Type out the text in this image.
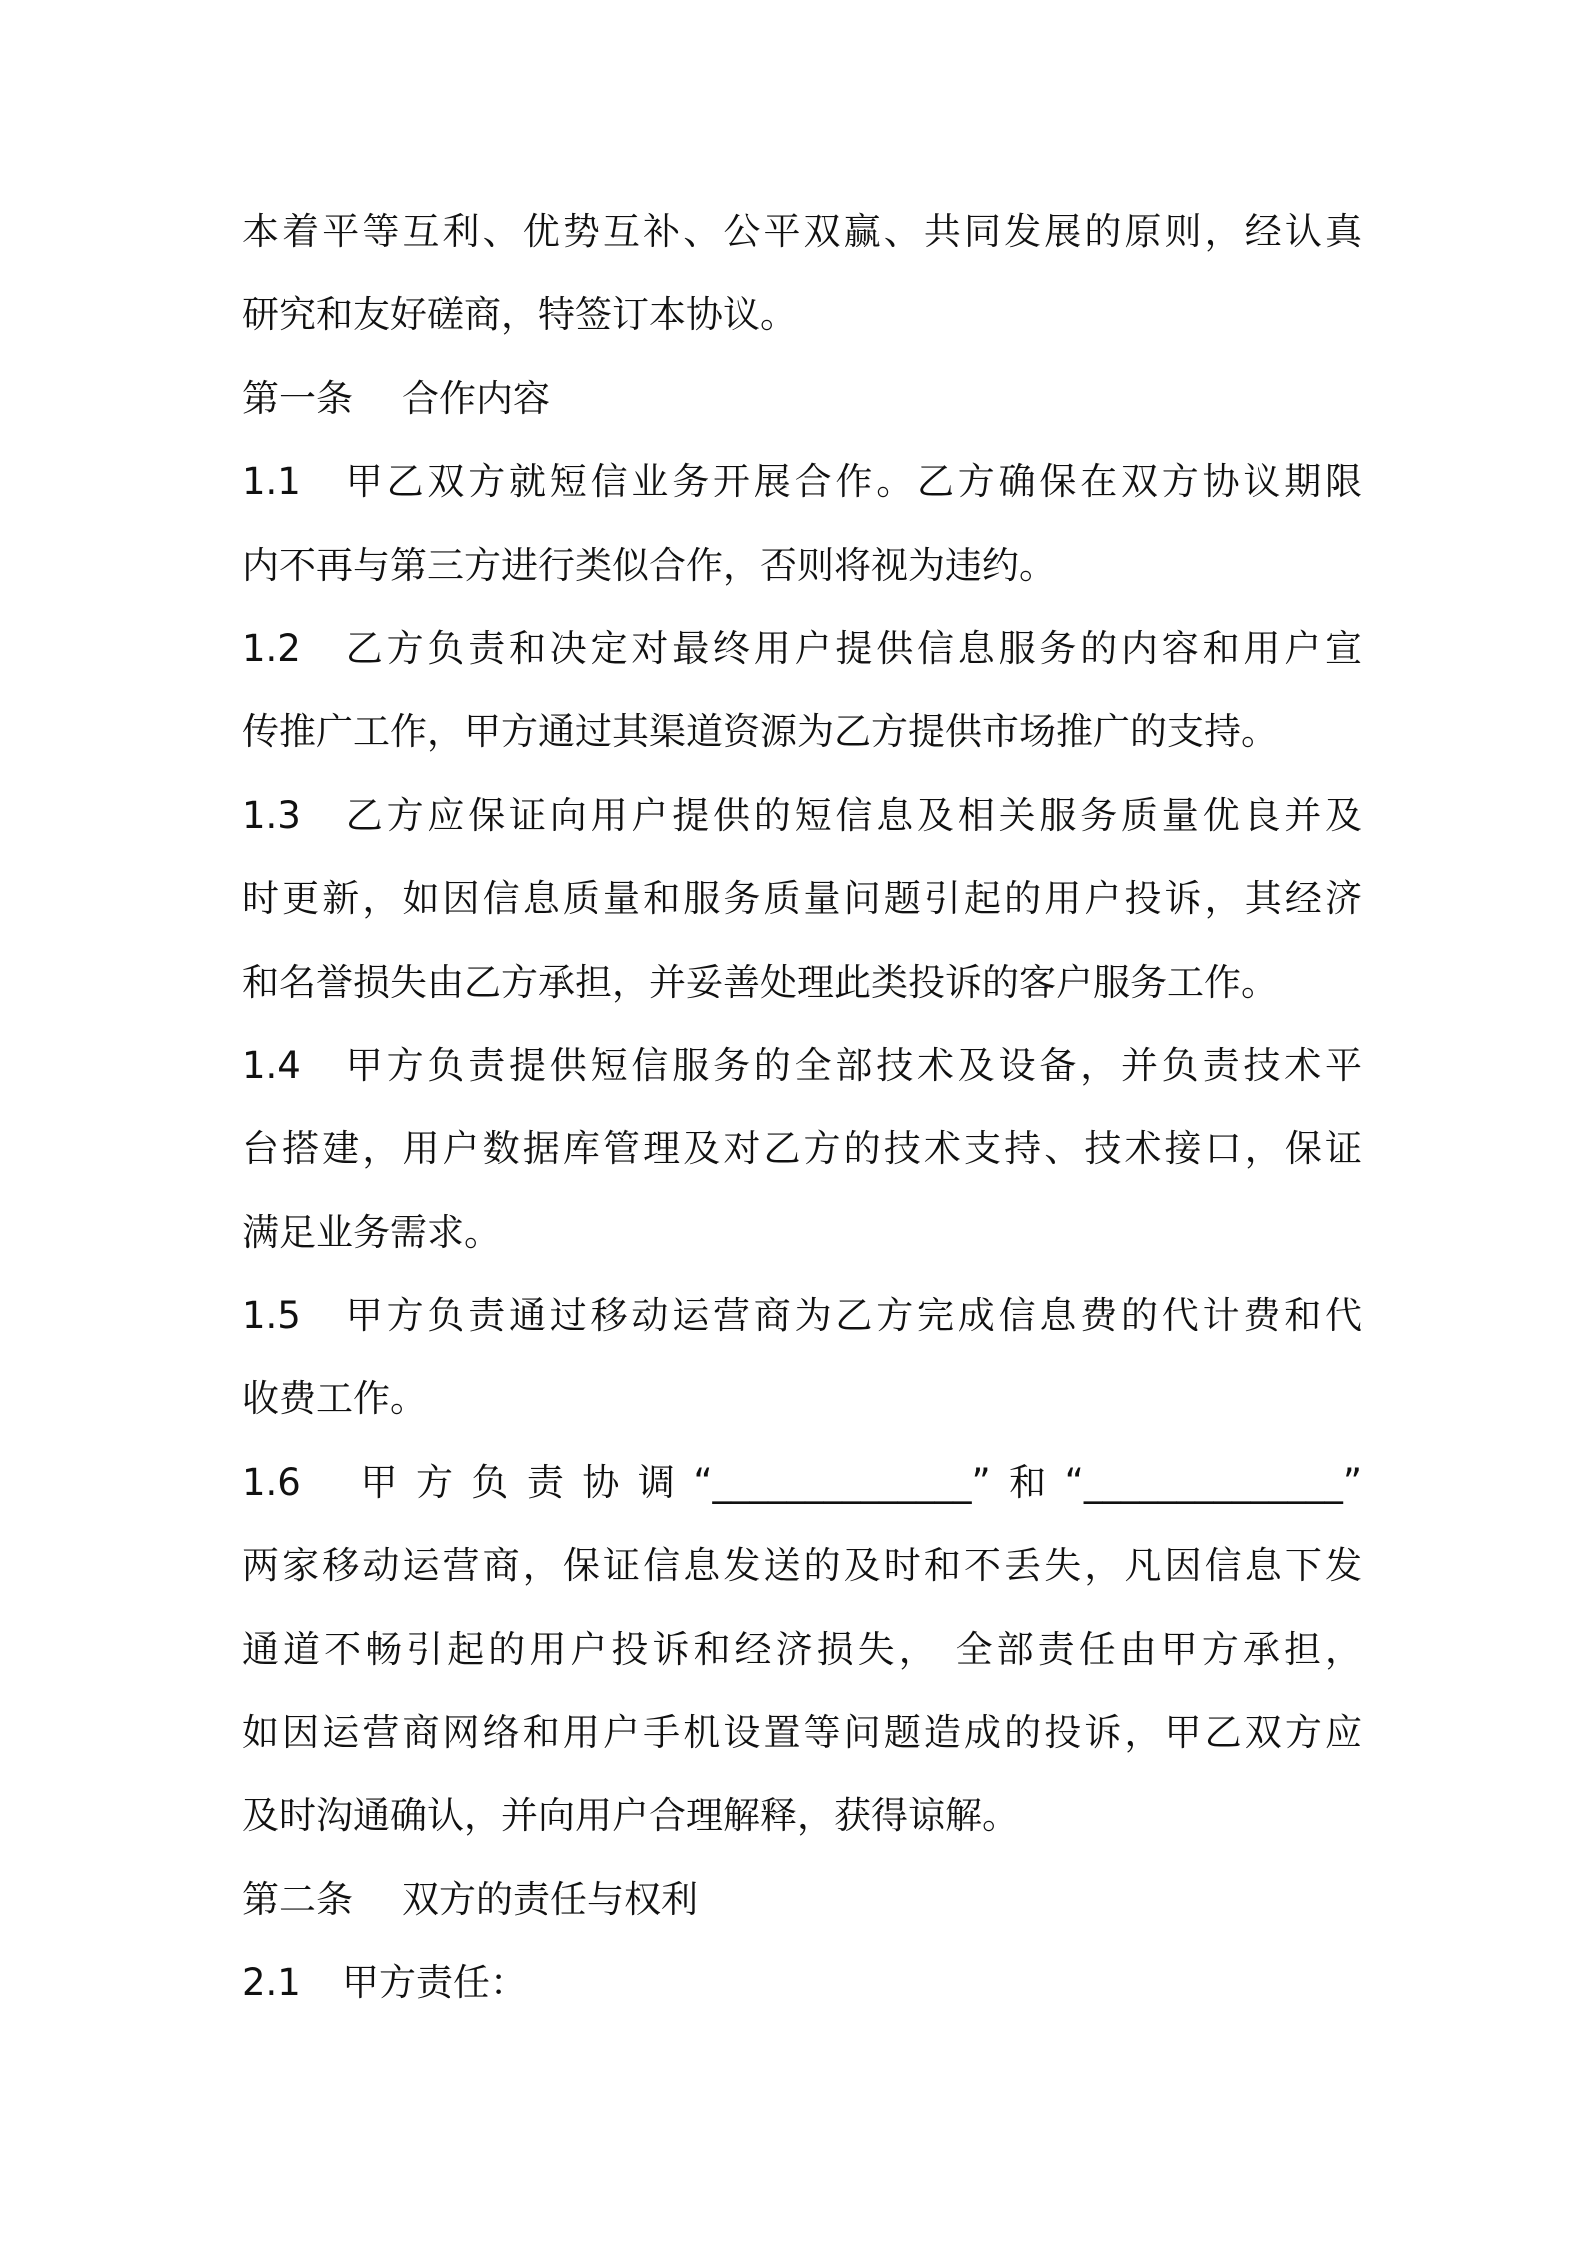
本着平等互利、优势互补、公平双赢、共同发展的原则，经认真
研究和友好磋商，特签订本协议。
第一条 合作内容
1.1 甲乙双方就短信业务开展合作。乙方确保在双方协议期限
内不再与第三方进行类似合作，否则将视为违约。
1.2 乙方负责和决定对最终用户提供信息服务的内容和用户宣
传推广工作，甲方通过其渠道资源为乙方提供市场推广的支持。
1.3 乙方应保证向用户提供的短信息及相关服务质量优良并及
时更新，如因信息质量和服务质量问题引起的用户投诉，其经济
和名誉损失由乙方承担，并妥善处理此类投诉的客户服务工作。
1.4 甲方负责提供短信服务的全部技术及设备，并负责技术平
台搭建，用户数据库管理及对乙方的技术支持、技术接口，保证
满足业务需求。
1.5 甲方负责通过移动运营商为乙方完成信息费的代计费和代
收费工作。
1.6 甲方负责协调“______________”和“______________”
两家移动运营商，保证信息发送的及时和不丢失，凡因信息下发
通道不畅引起的用户投诉和经济损失， 全部责任由甲方承担，
如因运营商网络和用户手机设置等问题造成的投诉，甲乙双方应
及时沟通确认，并向用户合理解释，获得谅解。
第二条 双方的责任与权利
2.1 甲方责任：
